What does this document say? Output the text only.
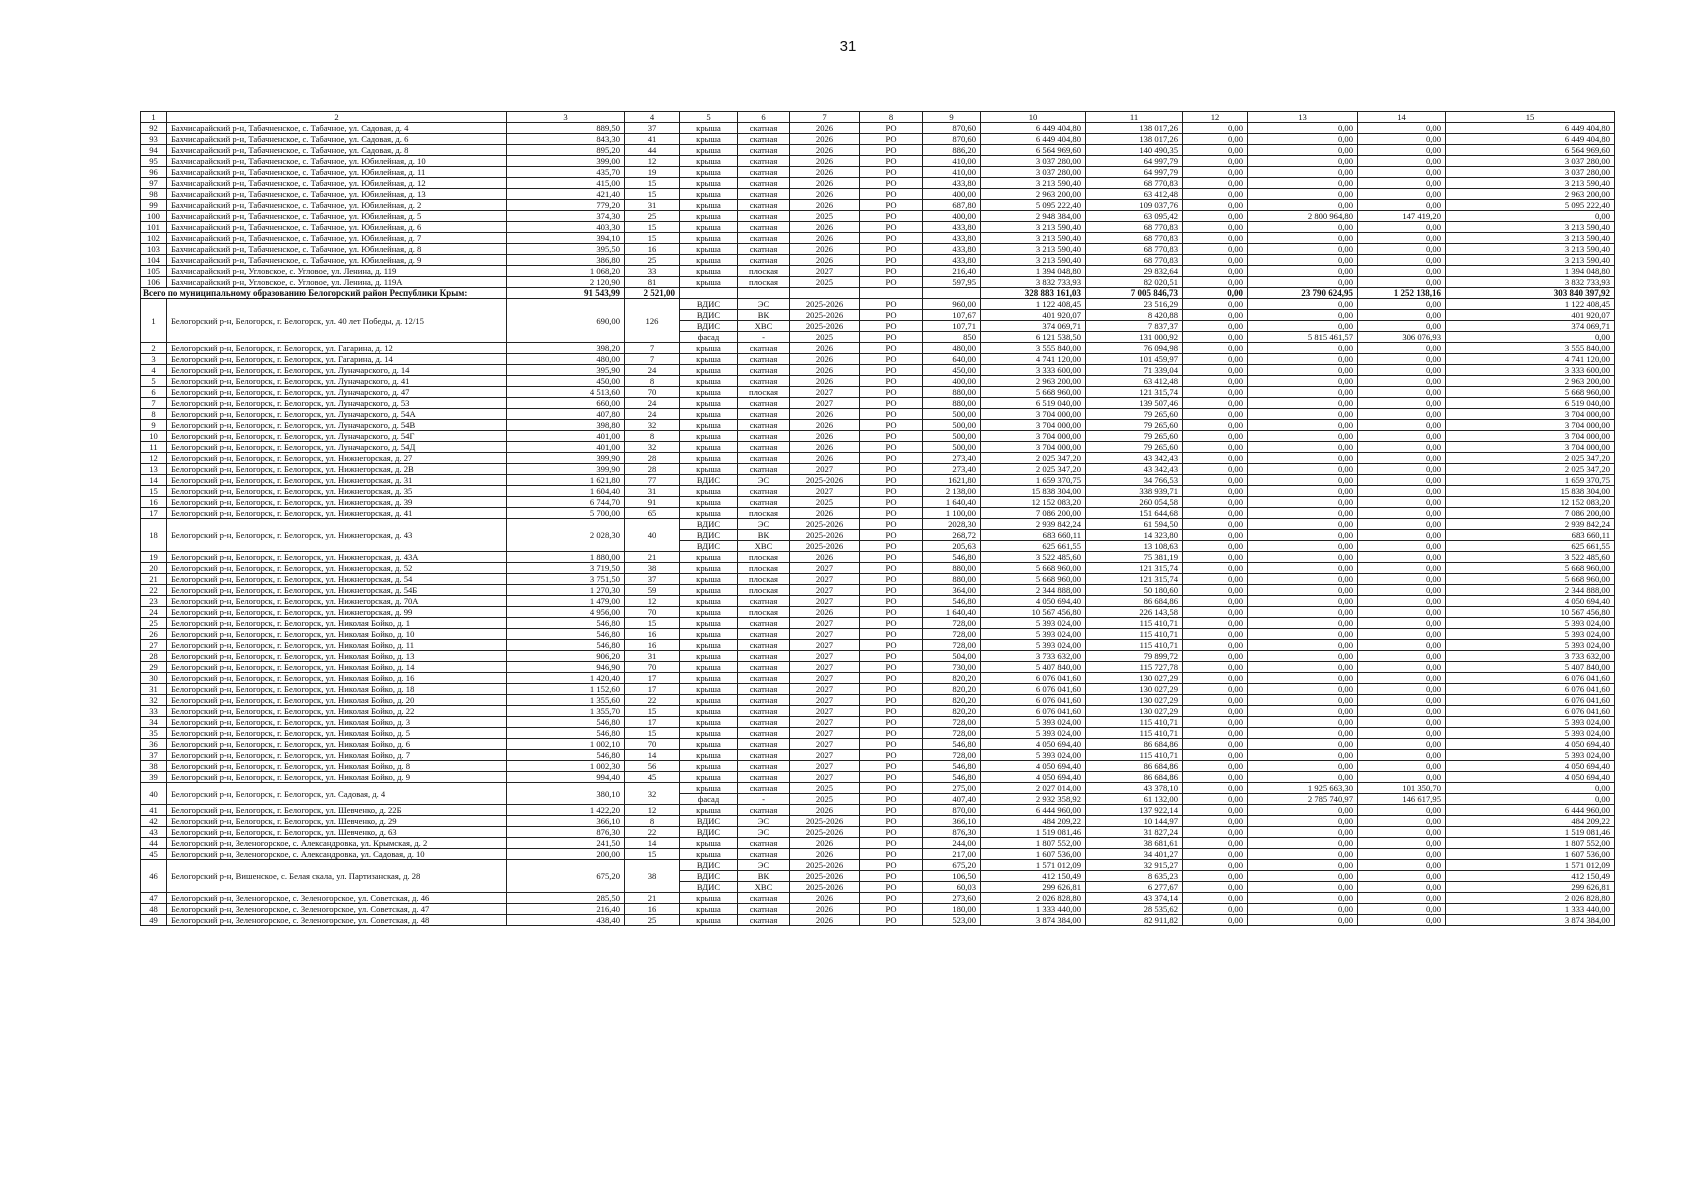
31
1	2	3	4	5	6	7	8	9	10	11	12	13	14	15
92	Бахчисарайский р-н, Табачненское, с. Табачное, ул. Садовая, д. 4	889,50	37	крыша	скатная	2026	РО	870,60	6 449 404,80	138 017,26	0,00	0,00	0,00	6 449 404,80
93	Бахчисарайский р-н, Табачненское, с. Табачное, ул. Садовая, д. 6	843,30	41	крыша	скатная	2026	РО	870,60	6 449 404,80	138 017,26	0,00	0,00	0,00	6 449 404,80
94	Бахчисарайский р-н, Табачненское, с. Табачное, ул. Садовая, д. 8	895,20	44	крыша	скатная	2026	РО	886,20	6 564 969,60	140 490,35	0,00	0,00	0,00	6 564 969,60
95	Бахчисарайский р-н, Табачненское, с. Табачное, ул. Юбилейная, д. 10	399,00	12	крыша	скатная	2026	РО	410,00	3 037 280,00	64 997,79	0,00	0,00	0,00	3 037 280,00
96	Бахчисарайский р-н, Табачненское, с. Табачное, ул. Юбилейная, д. 11	435,70	19	крыша	скатная	2026	РО	410,00	3 037 280,00	64 997,79	0,00	0,00	0,00	3 037 280,00
97	Бахчисарайский р-н, Табачненское, с. Табачное, ул. Юбилейная, д. 12	415,00	15	крыша	скатная	2026	РО	433,80	3 213 590,40	68 770,83	0,00	0,00	0,00	3 213 590,40
98	Бахчисарайский р-н, Табачненское, с. Табачное, ул. Юбилейная, д. 13	421,40	15	крыша	скатная	2026	РО	400,00	2 963 200,00	63 412,48	0,00	0,00	0,00	2 963 200,00
99	Бахчисарайский р-н, Табачненское, с. Табачное, ул. Юбилейная, д. 2	779,20	31	крыша	скатная	2026	РО	687,80	5 095 222,40	109 037,76	0,00	0,00	0,00	5 095 222,40
100	Бахчисарайский р-н, Табачненское, с. Табачное, ул. Юбилейная, д. 5	374,30	25	крыша	скатная	2025	РО	400,00	2 948 384,00	63 095,42	0,00	2 800 964,80	147 419,20	0,00
101	Бахчисарайский р-н, Табачненское, с. Табачное, ул. Юбилейная, д. 6	403,30	15	крыша	скатная	2026	РО	433,80	3 213 590,40	68 770,83	0,00	0,00	0,00	3 213 590,40
102	Бахчисарайский р-н, Табачненское, с. Табачное, ул. Юбилейная, д. 7	394,10	15	крыша	скатная	2026	РО	433,80	3 213 590,40	68 770,83	0,00	0,00	0,00	3 213 590,40
103	Бахчисарайский р-н, Табачненское, с. Табачное, ул. Юбилейная, д. 8	395,50	16	крыша	скатная	2026	РО	433,80	3 213 590,40	68 770,83	0,00	0,00	0,00	3 213 590,40
104	Бахчисарайский р-н, Табачненское, с. Табачное, ул. Юбилейная, д. 9	386,80	25	крыша	скатная	2026	РО	433,80	3 213 590,40	68 770,83	0,00	0,00	0,00	3 213 590,40
105	Бахчисарайский р-н, Угловское, с. Угловое, ул. Ленина, д. 119	1 068,20	33	крыша	плоская	2027	РО	216,40	1 394 048,80	29 832,64	0,00	0,00	0,00	1 394 048,80
106	Бахчисарайский р-н, Угловское, с. Угловое, ул. Ленина, д. 119А	2 120,90	81	крыша	плоская	2025	РО	597,95	3 832 733,93	82 020,51	0,00	0,00	0,00	3 832 733,93
Всего по муниципальному образованию Белогорский район Республики Крым:		91 543,99	2 521,00						328 883 161,03	7 005 846,73	0,00	23 790 624,95	1 252 138,16	303 840 397,92
1	Белогорский р-н, Белогорск, г. Белогорск, ул. 40 лет Победы, д. 12/15	690,00	126	ВДИС	ЭС	2025-2026	РО	960,00	1 122 408,45	23 516,29	0,00	0,00	0,00	1 122 408,45
				ВДИС	ВК	2025-2026	РО	107,67	401 920,07	8 420,88	0,00	0,00	0,00	401 920,07
				ВДИС	ХВС	2025-2026	РО	107,71	374 069,71	7 837,37	0,00	0,00	0,00	374 069,71
				фасад	-	2025	РО	850	6 121 538,50	131 000,92	0,00	5 815 461,57	306 076,93	0,00
2	Белогорский р-н, Белогорск, г. Белогорск, ул. Гагарина, д. 12	398,20	7	крыша	скатная	2026	РО	480,00	3 555 840,00	76 094,98	0,00	0,00	0,00	3 555 840,00
3	Белогорский р-н, Белогорск, г. Белогорск, ул. Гагарина, д. 14	480,00	7	крыша	скатная	2026	РО	640,00	4 741 120,00	101 459,97	0,00	0,00	0,00	4 741 120,00
4	Белогорский р-н, Белогорск, г. Белогорск, ул. Луначарского, д. 14	395,90	24	крыша	скатная	2026	РО	450,00	3 333 600,00	71 339,04	0,00	0,00	0,00	3 333 600,00
5	Белогорский р-н, Белогорск, г. Белогорск, ул. Луначарского, д. 41	450,00	8	крыша	скатная	2026	РО	400,00	2 963 200,00	63 412,48	0,00	0,00	0,00	2 963 200,00
6	Белогорский р-н, Белогорск, г. Белогорск, ул. Луначарского, д. 47	4 513,60	70	крыша	плоская	2027	РО	880,00	5 668 960,00	121 315,74	0,00	0,00	0,00	5 668 960,00
7	Белогорский р-н, Белогорск, г. Белогорск, ул. Луначарского, д. 53	660,00	24	крыша	скатная	2027	РО	880,00	6 519 040,00	139 507,46	0,00	0,00	0,00	6 519 040,00
8	Белогорский р-н, Белогорск, г. Белогорск, ул. Луначарского, д. 54А	407,80	24	крыша	скатная	2026	РО	500,00	3 704 000,00	79 265,60	0,00	0,00	0,00	3 704 000,00
9	Белогорский р-н, Белогорск, г. Белогорск, ул. Луначарского, д. 54В	398,80	32	крыша	скатная	2026	РО	500,00	3 704 000,00	79 265,60	0,00	0,00	0,00	3 704 000,00
10	Белогорский р-н, Белогорск, г. Белогорск, ул. Луначарского, д. 54Г	401,00	8	крыша	скатная	2026	РО	500,00	3 704 000,00	79 265,60	0,00	0,00	0,00	3 704 000,00
11	Белогорский р-н, Белогорск, г. Белогорск, ул. Луначарского, д. 54Д	401,00	32	крыша	скатная	2026	РО	500,00	3 704 000,00	79 265,60	0,00	0,00	0,00	3 704 000,00
12	Белогорский р-н, Белогорск, г. Белогорск, ул. Нижнегорская, д. 27	399,90	28	крыша	скатная	2026	РО	273,40	2 025 347,20	43 342,43	0,00	0,00	0,00	2 025 347,20
13	Белогорский р-н, Белогорск, г. Белогорск, ул. Нижнегорская, д. 2В	399,90	28	крыша	скатная	2027	РО	273,40	2 025 347,20	43 342,43	0,00	0,00	0,00	2 025 347,20
14	Белогорский р-н, Белогорск, г. Белогорск, ул. Нижнегорская, д. 31	1 621,80	77	ВДИС	ЭС	2025-2026	РО	1621,80	1 659 370,75	34 766,53	0,00	0,00	0,00	1 659 370,75
15	Белогорский р-н, Белогорск, г. Белогорск, ул. Нижнегорская, д. 35	1 604,40	31	крыша	скатная	2027	РО	2 138,00	15 838 304,00	338 939,71	0,00	0,00	0,00	15 838 304,00
16	Белогорский р-н, Белогорск, г. Белогорск, ул. Нижнегорская, д. 39	6 744,70	91	крыша	скатная	2025	РО	1 640,40	12 152 083,20	260 054,58	0,00	0,00	0,00	12 152 083,20
17	Белогорский р-н, Белогорск, г. Белогорск, ул. Нижнегорская, д. 41	5 700,00	65	крыша	плоская	2026	РО	1 100,00	7 086 200,00	151 644,68	0,00	0,00	0,00	7 086 200,00
18	Белогорский р-н, Белогорск, г. Белогорск, ул. Нижнегорская, д. 43	2 028,30	40	ВДИС	ЭС	2025-2026	РО	2028,30	2 939 842,24	61 594,50	0,00	0,00	0,00	2 939 842,24
				ВДИС	ВК	2025-2026	РО	268,72	683 660,11	14 323,80	0,00	0,00	0,00	683 660,11
				ВДИС	ХВС	2025-2026	РО	205,63	625 661,55	13 108,63	0,00	0,00	0,00	625 661,55
19	Белогорский р-н, Белогорск, г. Белогорск, ул. Нижнегорская, д. 43А	1 880,00	21	крыша	плоская	2026	РО	546,80	3 522 485,60	75 381,19	0,00	0,00	0,00	3 522 485,60
20	Белогорский р-н, Белогорск, г. Белогорск, ул. Нижнегорская, д. 52	3 719,50	38	крыша	плоская	2027	РО	880,00	5 668 960,00	121 315,74	0,00	0,00	0,00	5 668 960,00
21	Белогорский р-н, Белогорск, г. Белогорск, ул. Нижнегорская, д. 54	3 751,50	37	крыша	плоская	2027	РО	880,00	5 668 960,00	121 315,74	0,00	0,00	0,00	5 668 960,00
22	Белогорский р-н, Белогорск, г. Белогорск, ул. Нижнегорская, д. 54Б	1 270,30	59	крыша	плоская	2027	РО	364,00	2 344 888,00	50 180,60	0,00	0,00	0,00	2 344 888,00
23	Белогорский р-н, Белогорск, г. Белогорск, ул. Нижнегорская, д. 70А	1 479,00	12	крыша	скатная	2027	РО	546,80	4 050 694,40	86 684,86	0,00	0,00	0,00	4 050 694,40
24	Белогорский р-н, Белогорск, г. Белогорск, ул. Нижнегорская, д. 99	4 956,00	70	крыша	плоская	2026	РО	1 640,40	10 567 456,80	226 143,58	0,00	0,00	0,00	10 567 456,80
25	Белогорский р-н, Белогорск, г. Белогорск, ул. Николая Бойко, д. 1	546,80	15	крыша	скатная	2027	РО	728,00	5 393 024,00	115 410,71	0,00	0,00	0,00	5 393 024,00
26	Белогорский р-н, Белогорск, г. Белогорск, ул. Николая Бойко, д. 10	546,80	16	крыша	скатная	2027	РО	728,00	5 393 024,00	115 410,71	0,00	0,00	0,00	5 393 024,00
27	Белогорский р-н, Белогорск, г. Белогорск, ул. Николая Бойко, д. 11	546,80	16	крыша	скатная	2027	РО	728,00	5 393 024,00	115 410,71	0,00	0,00	0,00	5 393 024,00
28	Белогорский р-н, Белогорск, г. Белогорск, ул. Николая Бойко, д. 13	906,20	31	крыша	скатная	2027	РО	504,00	3 733 632,00	79 899,72	0,00	0,00	0,00	3 733 632,00
29	Белогорский р-н, Белогорск, г. Белогорск, ул. Николая Бойко, д. 14	946,90	70	крыша	скатная	2027	РО	730,00	5 407 840,00	115 727,78	0,00	0,00	0,00	5 407 840,00
30	Белогорский р-н, Белогорск, г. Белогорск, ул. Николая Бойко, д. 16	1 420,40	17	крыша	скатная	2027	РО	820,20	6 076 041,60	130 027,29	0,00	0,00	0,00	6 076 041,60
31	Белогорский р-н, Белогорск, г. Белогорск, ул. Николая Бойко, д. 18	1 152,60	17	крыша	скатная	2027	РО	820,20	6 076 041,60	130 027,29	0,00	0,00	0,00	6 076 041,60
32	Белогорский р-н, Белогорск, г. Белогорск, ул. Николая Бойко, д. 20	1 355,60	22	крыша	скатная	2027	РО	820,20	6 076 041,60	130 027,29	0,00	0,00	0,00	6 076 041,60
33	Белогорский р-н, Белогорск, г. Белогорск, ул. Николая Бойко, д. 22	1 355,70	15	крыша	скатная	2027	РО	820,20	6 076 041,60	130 027,29	0,00	0,00	0,00	6 076 041,60
34	Белогорский р-н, Белогорск, г. Белогорск, ул. Николая Бойко, д. 3	546,80	17	крыша	скатная	2027	РО	728,00	5 393 024,00	115 410,71	0,00	0,00	0,00	5 393 024,00
35	Белогорский р-н, Белогорск, г. Белогорск, ул. Николая Бойко, д. 5	546,80	15	крыша	скатная	2027	РО	728,00	5 393 024,00	115 410,71	0,00	0,00	0,00	5 393 024,00
36	Белогорский р-н, Белогорск, г. Белогорск, ул. Николая Бойко, д. 6	1 002,10	70	крыша	скатная	2027	РО	546,80	4 050 694,40	86 684,86	0,00	0,00	0,00	4 050 694,40
37	Белогорский р-н, Белогорск, г. Белогорск, ул. Николая Бойко, д. 7	546,80	14	крыша	скатная	2027	РО	728,00	5 393 024,00	115 410,71	0,00	0,00	0,00	5 393 024,00
38	Белогорский р-н, Белогорск, г. Белогорск, ул. Николая Бойко, д. 8	1 002,30	56	крыша	скатная	2027	РО	546,80	4 050 694,40	86 684,86	0,00	0,00	0,00	4 050 694,40
39	Белогорский р-н, Белогорск, г. Белогорск, ул. Николая Бойко, д. 9	994,40	45	крыша	скатная	2027	РО	546,80	4 050 694,40	86 684,86	0,00	0,00	0,00	4 050 694,40
40	Белогорский р-н, Белогорск, г. Белогорск, ул. Садовая, д. 4	380,10	32	крыша	скатная	2025	РО	275,00	2 027 014,00	43 378,10	0,00	1 925 663,30	101 350,70	0,00
				фасад	-	2025	РО	407,40	2 932 358,92	61 132,00	0,00	2 785 740,97	146 617,95	0,00
41	Белогорский р-н, Белогорск, г. Белогорск, ул. Шевченко, д. 22Б	1 422,20	12	крыша	скатная	2026	РО	870,00	6 444 960,00	137 922,14	0,00	0,00	0,00	6 444 960,00
42	Белогорский р-н, Белогорск, г. Белогорск, ул. Шевченко, д. 29	366,10	8	ВДИС	ЭС	2025-2026	РО	366,10	484 209,22	10 144,97	0,00	0,00	0,00	484 209,22
43	Белогорский р-н, Белогорск, г. Белогорск, ул. Шевченко, д. 63	876,30	22	ВДИС	ЭС	2025-2026	РО	876,30	1 519 081,46	31 827,24	0,00	0,00	0,00	1 519 081,46
44	Белогорский р-н, Зеленогорское, с. Александровка, ул. Крымская, д. 2	241,50	14	крыша	скатная	2026	РО	244,00	1 807 552,00	38 681,61	0,00	0,00	0,00	1 807 552,00
45	Белогорский р-н, Зеленогорское, с. Александровка, ул. Садовая, д. 10	200,00	15	крыша	скатная	2026	РО	217,00	1 607 536,00	34 401,27	0,00	0,00	0,00	1 607 536,00
46	Белогорский р-н, Вишенское, с. Белая скала, ул. Партизанская, д. 28	675,20	38	ВДИС	ЭС	2025-2026	РО	675,20	1 571 012,09	32 915,27	0,00	0,00	0,00	1 571 012,09
				ВДИС	ВК	2025-2026	РО	106,50	412 150,49	8 635,23	0,00	0,00	0,00	412 150,49
				ВДИС	ХВС	2025-2026	РО	60,03	299 626,81	6 277,67	0,00	0,00	0,00	299 626,81
47	Белогорский р-н, Зеленогорское, с. Зеленогорское, ул. Советская, д. 46	285,50	21	крыша	скатная	2026	РО	273,60	2 026 828,80	43 374,14	0,00	0,00	0,00	2 026 828,80
48	Белогорский р-н, Зеленогорское, с. Зеленогорское, ул. Советская, д. 47	216,40	16	крыша	скатная	2026	РО	180,00	1 333 440,00	28 535,62	0,00	0,00	0,00	1 333 440,00
49	Белогорский р-н, Зеленогорское, с. Зеленогорское, ул. Советская, д. 48	438,40	25	крыша	скатная	2026	РО	523,00	3 874 384,00	82 911,82	0,00	0,00	0,00	3 874 384,00
